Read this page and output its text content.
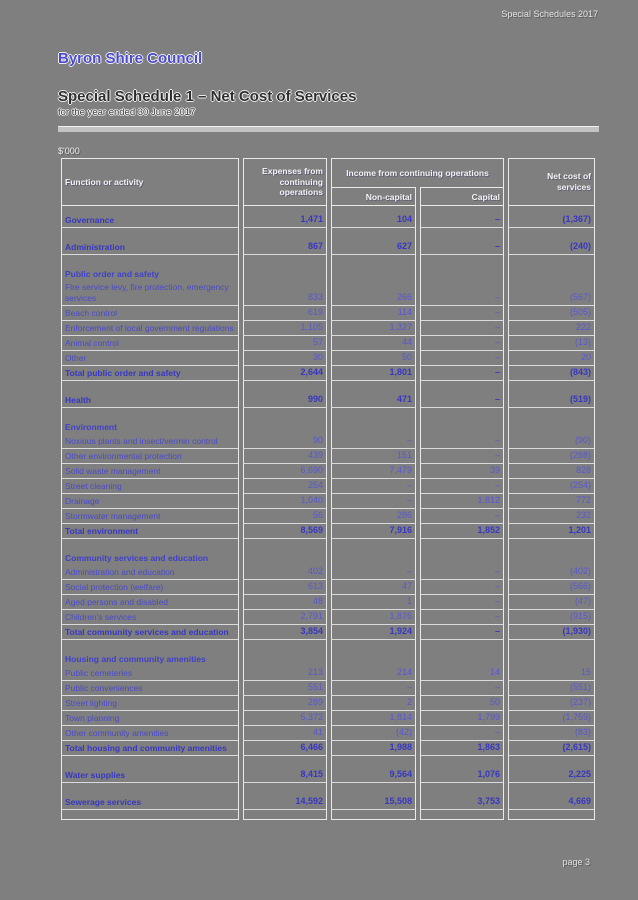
Special Schedules 2017
Byron Shire Council
Special Schedule 1 – Net Cost of Services
for the year ended 30 June 2017
$'000
Function or activity	Expenses from continuing operations	Income from continuing operations		Net cost of services
		Non-capital	Capital	

Governance	1,471	104	–	(1,367)

Administration	867	627	–	(240)

Public order and safety				
Fire service levy, fire protection, emergency services	833	266	–	(567)
Beach control	619	114	–	(505)
Enforcement of local government regulations	1,105	1,327	–	222
Animal control	57	44	–	(13)
Other	30	50	–	20
Total public order and safety	2,644	1,801	–	(843)

Health	990	471	–	(519)

Environment				
Noxious plants and insect/vermin control	90	–	–	(90)
Other environmental protection	439	151	–	(288)
Solid waste management	6,690	7,479	39	828
Street cleaning	254	–	–	(254)
Drainage	1,040	–	1,812	772
Stormwater management	56	286	–	232
Total environment	8,569	7,916	1,852	1,201

Community services and education				
Administration and education	402	–	–	(402)
Social protection (welfare)	613	47	–	(566)
Aged persons and disabled	48	1	–	(47)
Children's services	2,791	1,876	–	(915)
Total community services and education	3,854	1,924	–	(1,930)

Housing and community amenities				
Public cemeteries	213	214	14	15
Public conveniences	551	–	–	(551)
Street lighting	289	2	50	(237)
Town planning	5,372	1,814	1,799	(1,759)
Other community amenities	41	(42)	–	(83)
Total housing and community amenities	6,466	1,988	1,863	(2,615)

Water supplies	8,415	9,564	1,076	2,225

Sewerage services	14,592	15,508	3,753	4,669

page 3
